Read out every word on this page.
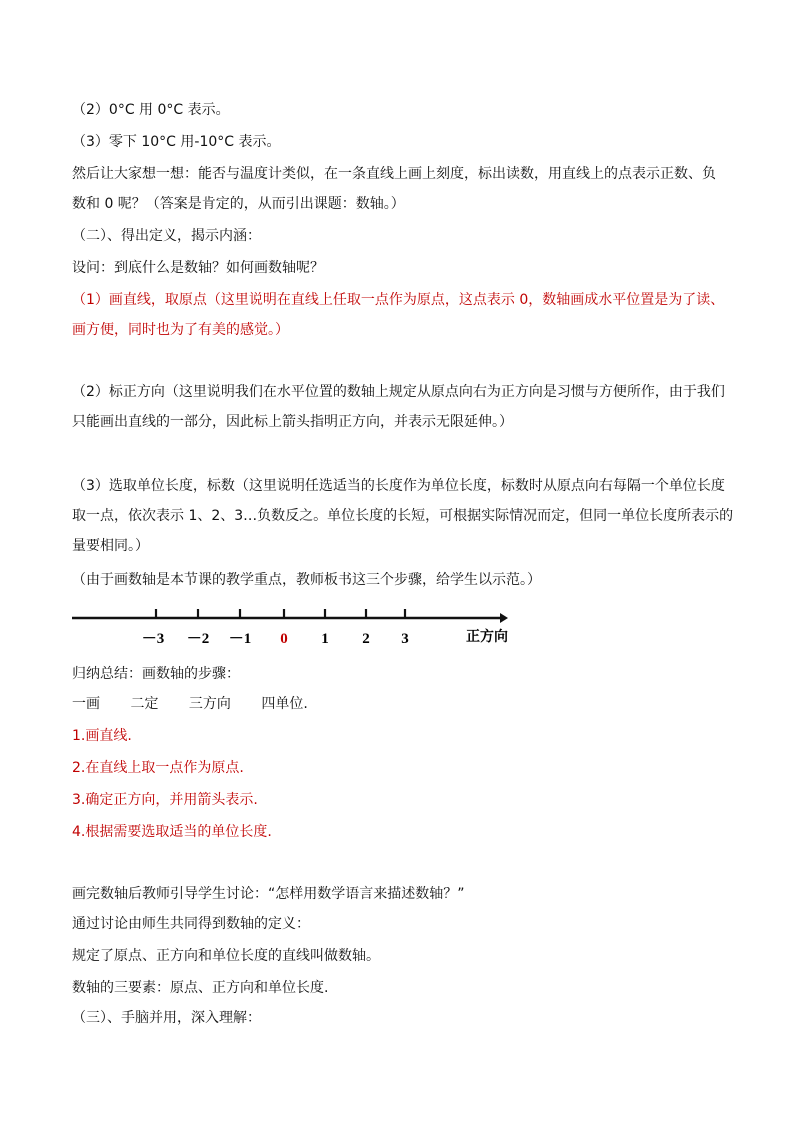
（2）0°C 用 0°C 表示。
（3）零下 10°C 用-10°C 表示。
然后让大家想一想：能否与温度计类似，在一条直线上画上刻度，标出读数，用直线上的点表示正数、负
数和 0 呢？（答案是肯定的，从而引出课题：数轴。）
（二）、得出定义，揭示内涵：
设问：到底什么是数轴？如何画数轴呢？
（1）画直线，取原点（这里说明在直线上任取一点作为原点，这点表示 0，数轴画成水平位置是为了读、
画方便，同时也为了有美的感觉。）
（2）标正方向（这里说明我们在水平位置的数轴上规定从原点向右为正方向是习惯与方便所作，由于我们
只能画出直线的一部分，因此标上箭头指明正方向，并表示无限延伸。）
（3）选取单位长度，标数（这里说明任选适当的长度作为单位长度，标数时从原点向右每隔一个单位长度
取一点，依次表示 1、2、3…负数反之。单位长度的长短，可根据实际情况而定，但同一单位长度所表示的
量要相同。）
（由于画数轴是本节课的教学重点，教师板书这三个步骤，给学生以示范。）
－3 －2 －1 0 1 2 3	正方向
归纳总结：画数轴的步骤：
一画 二定 三方向 四单位.
1.画直线.
2.在直线上取一点作为原点.
3.确定正方向，并用箭头表示.
4.根据需要选取适当的单位长度.
画完数轴后教师引导学生讨论：“怎样用数学语言来描述数轴？”
通过讨论由师生共同得到数轴的定义：
规定了原点、正方向和单位长度的直线叫做数轴。
数轴的三要素：原点、正方向和单位长度.
（三）、手脑并用，深入理解：
